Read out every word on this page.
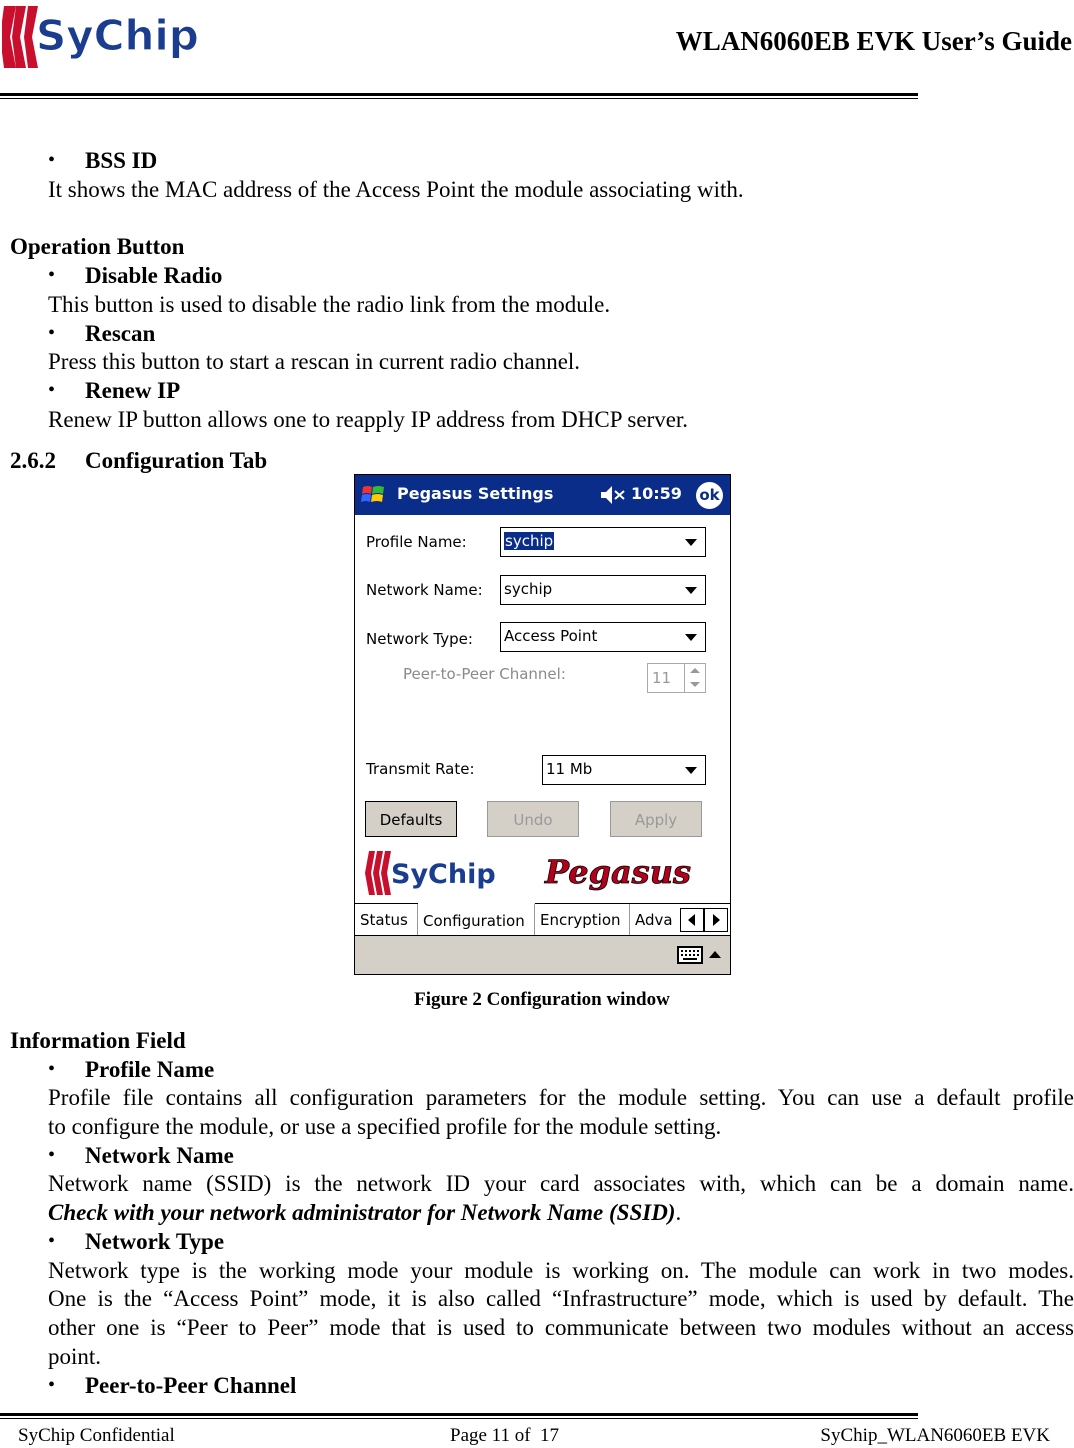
SyChip	WLAN6060EB EVK User’s Guide
• BSS ID
It shows the MAC address of the Access Point the module associating with.
Operation Button
• Disable Radio
This button is used to disable the radio link from the module.
• Rescan
Press this button to start a rescan in current radio channel.
• Renew IP
Renew IP button allows one to reapply IP address from DHCP server.
2.6.2 Configuration Tab
Pegasus Settings	10:59 ok
Profile Name:	sychip
Network Name: sychip
Network Type: Access Point
Peer-to-Peer Channel:	11
Transmit Rate:	11 Mb
Defaults	Undo	Apply
SyChip Pegasus
Status	Configuration	Encryption Adva
Figure 2 Configuration window
Information Field
• Profile Name
Profile file contains all configuration parameters for the module setting. You can use a default profile
to configure the module, or use a specified profile for the module setting.
• Network Name
Network name (SSID) is the network ID your card associates with, which can be a domain name.
Check with your network administrator for Network Name (SSID).
• Network Type
Network type is the working mode your module is working on. The module can work in two modes.
One is the “Access Point” mode, it is also called “Infrastructure” mode, which is used by default. The
other one is “Peer to Peer” mode that is used to communicate between two modules without an access
point.
• Peer-to-Peer Channel
SyChip Confidential	Page 11 of  17	SyChip_WLAN6060EB EVK
